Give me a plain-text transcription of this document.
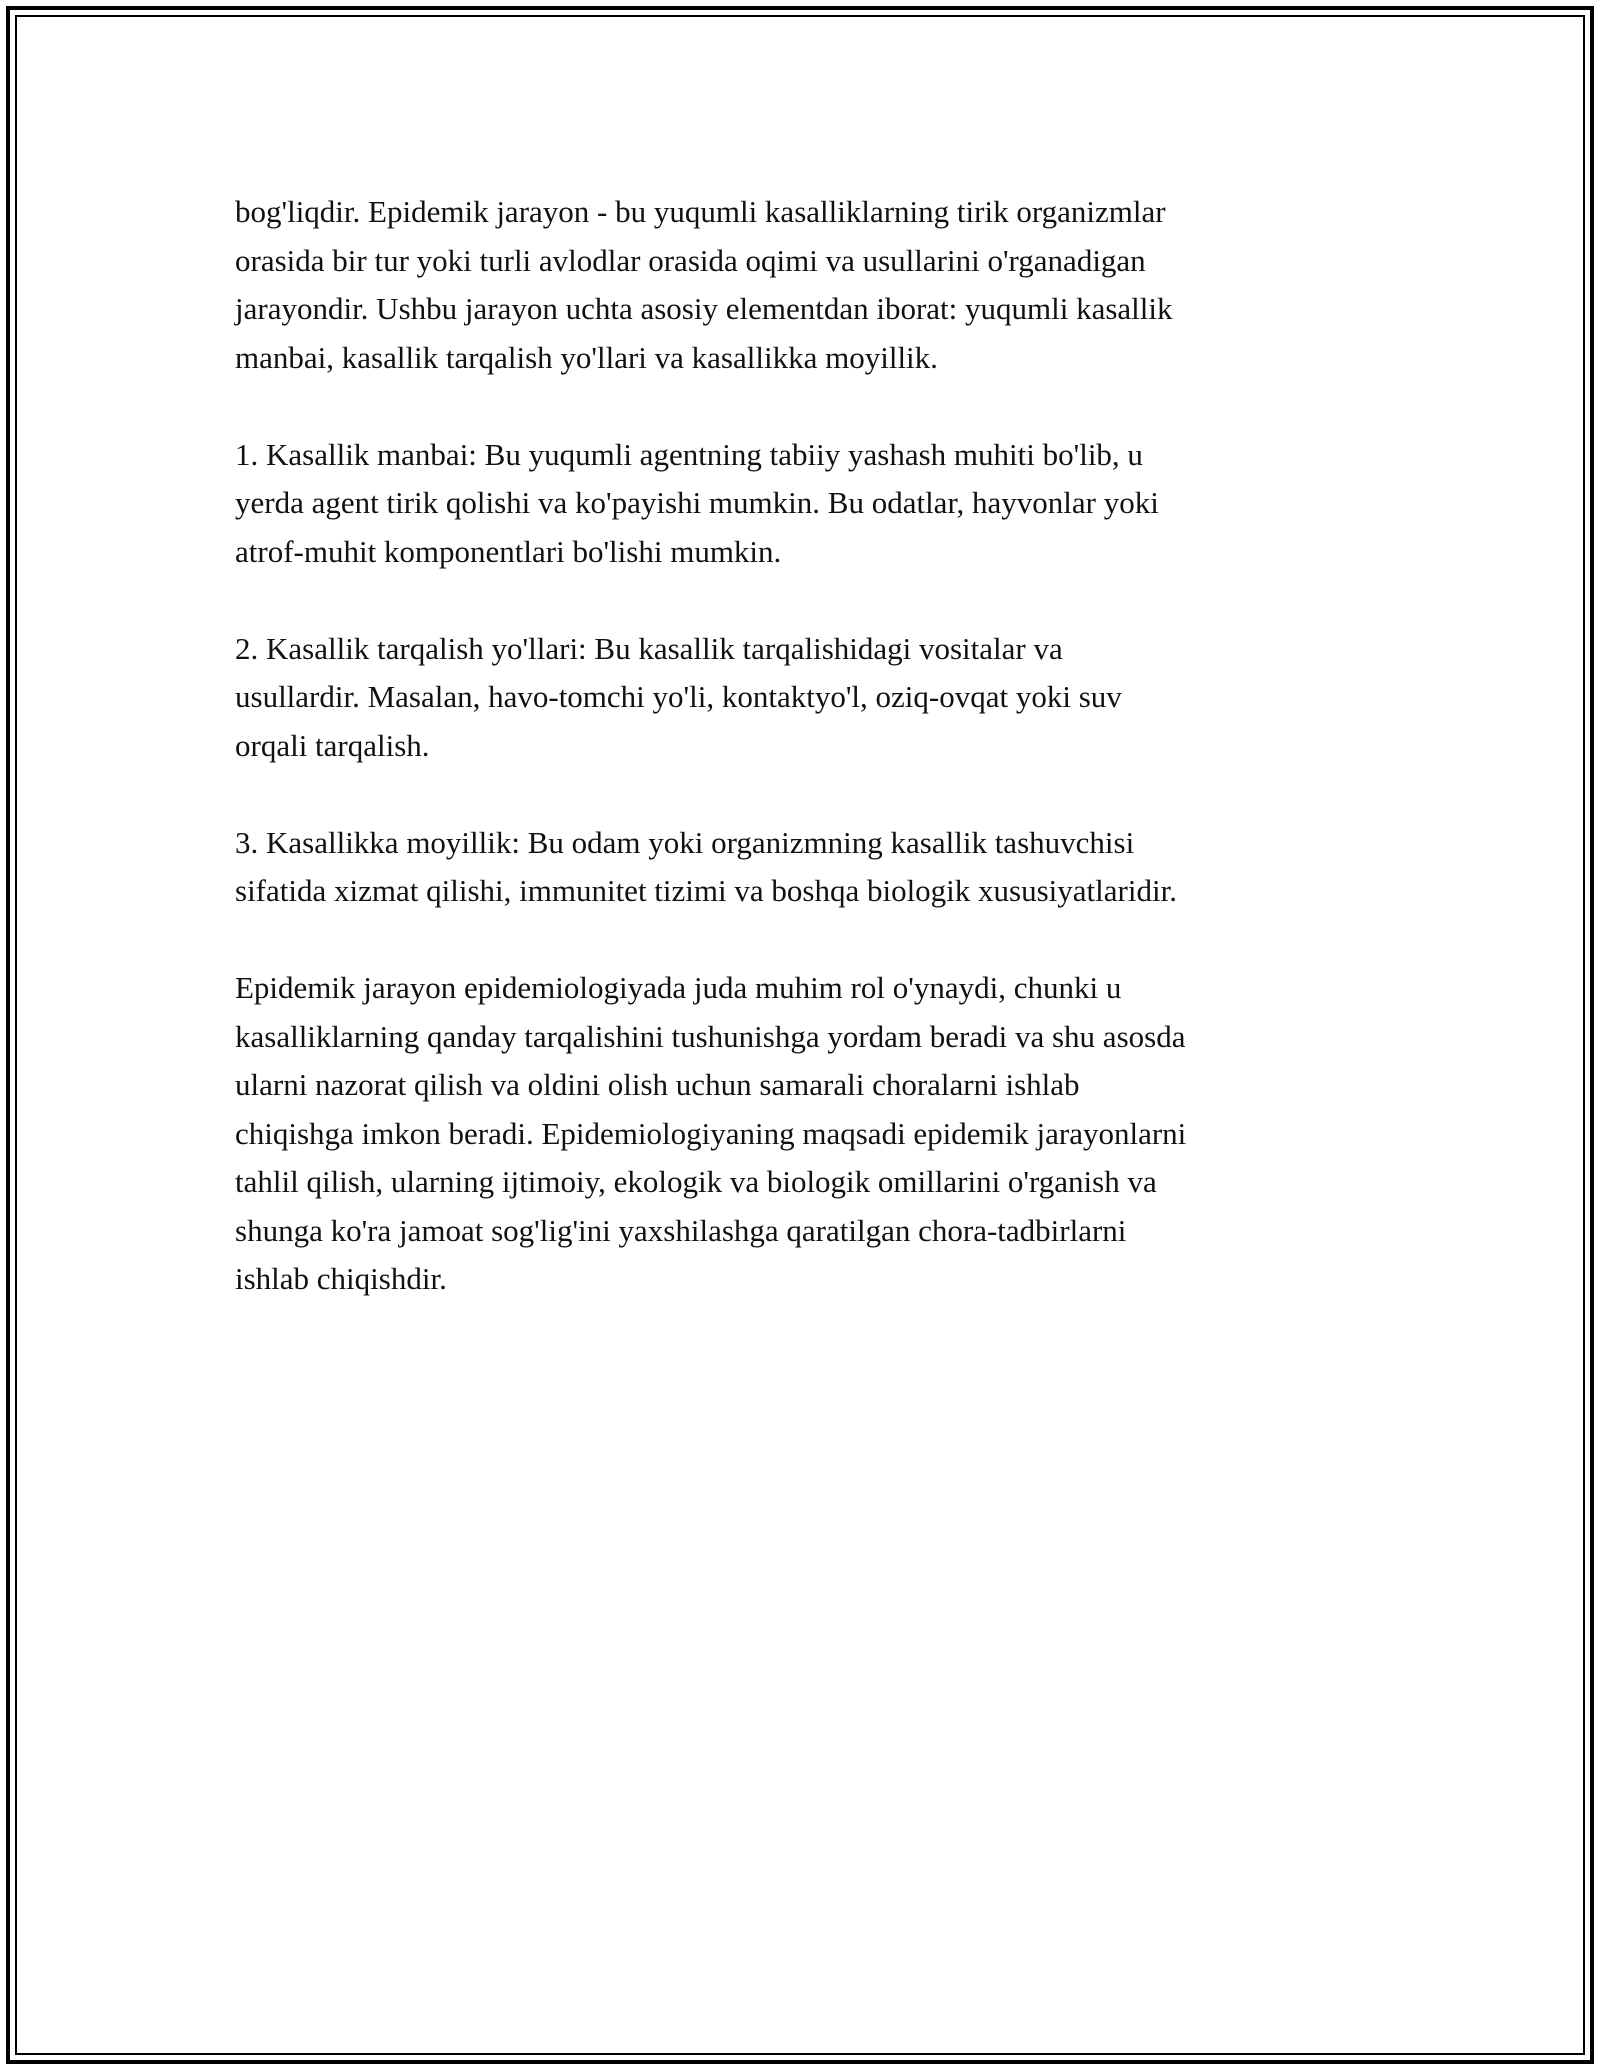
bog'liqdir. Epidemik jarayon - bu yuqumli kasalliklarning tirik organizmlar
orasida bir tur yoki turli avlodlar orasida oqimi va usullarini o'rganadigan
jarayondir. Ushbu jarayon uchta asosiy elementdan iborat: yuqumli kasallik
manbai, kasallik tarqalish yo'llari va kasallikka moyillik.

1. Kasallik manbai: Bu yuqumli agentning tabiiy yashash muhiti bo'lib, u
yerda agent tirik qolishi va ko'payishi mumkin. Bu odatlar, hayvonlar yoki
atrof-muhit komponentlari bo'lishi mumkin.

2. Kasallik tarqalish yo'llari: Bu kasallik tarqalishidagi vositalar va
usullardir. Masalan, havo-tomchi yo'li, kontaktyo'l, oziq-ovqat yoki suv
orqali tarqalish.

3. Kasallikka moyillik: Bu odam yoki organizmning kasallik tashuvchisi
sifatida xizmat qilishi, immunitet tizimi va boshqa biologik xususiyatlaridir.

Epidemik jarayon epidemiologiyada juda muhim rol o'ynaydi, chunki u
kasalliklarning qanday tarqalishini tushunishga yordam beradi va shu asosda
ularni nazorat qilish va oldini olish uchun samarali choralarni ishlab
chiqishga imkon beradi. Epidemiologiyaning maqsadi epidemik jarayonlarni
tahlil qilish, ularning ijtimoiy, ekologik va biologik omillarini o'rganish va
shunga ko'ra jamoat sog'lig'ini yaxshilashga qaratilgan chora-tadbirlarni
ishlab chiqishdir.
